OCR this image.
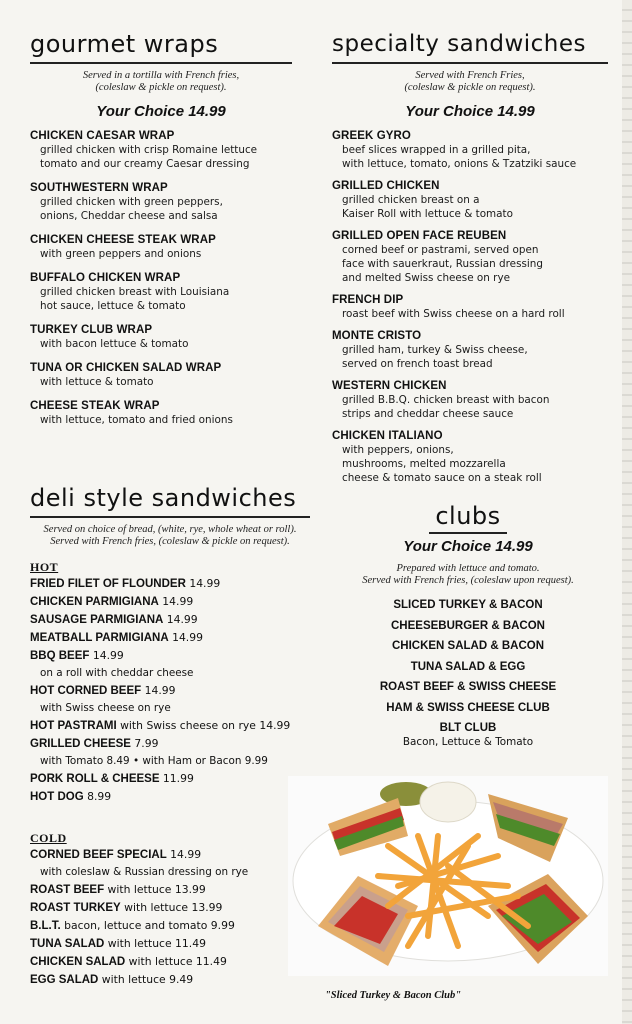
gourmet wraps
Served in a tortilla with French fries,
(coleslaw & pickle on request).
Your Choice 14.99
CHICKEN CAESAR WRAP
grilled chicken with crisp Romaine lettuce
tomato and our creamy Caesar dressing
SOUTHWESTERN WRAP
grilled chicken with green peppers,
onions, Cheddar cheese and salsa
CHICKEN CHEESE STEAK WRAP
with green peppers and onions
BUFFALO CHICKEN WRAP
grilled chicken breast with Louisiana
hot sauce, lettuce & tomato
TURKEY CLUB WRAP
with bacon lettuce & tomato
TUNA OR CHICKEN SALAD WRAP
with lettuce & tomato
CHEESE STEAK WRAP
with lettuce, tomato and fried onions
specialty sandwiches
Served with French Fries,
(coleslaw & pickle on request).
Your Choice 14.99
GREEK GYRO
beef slices wrapped in a grilled pita,
with lettuce, tomato, onions & Tzatziki sauce
GRILLED CHICKEN
grilled chicken breast on a
Kaiser Roll with lettuce & tomato
GRILLED OPEN FACE REUBEN
corned beef or pastrami, served open
face with sauerkraut, Russian dressing
and melted Swiss cheese on rye
FRENCH DIP
roast beef with Swiss cheese on a hard roll
MONTE CRISTO
grilled ham, turkey & Swiss cheese,
served on french toast bread
WESTERN CHICKEN
grilled B.B.Q. chicken breast with bacon
strips and cheddar cheese sauce
CHICKEN ITALIANO
with peppers, onions,
mushrooms, melted mozzarella
cheese & tomato sauce on a steak roll
deli style sandwiches
Served on choice of bread, (white, rye, whole wheat or roll).
Served with French fries, (coleslaw & pickle on request).
HOT
FRIED FILET OF FLOUNDER 14.99
CHICKEN PARMIGIANA 14.99
SAUSAGE PARMIGIANA 14.99
MEATBALL PARMIGIANA 14.99
BBQ BEEF 14.99
on a roll with cheddar cheese
HOT CORNED BEEF 14.99
with Swiss cheese on rye
HOT PASTRAMI with Swiss cheese on rye 14.99
GRILLED CHEESE 7.99
with Tomato 8.49 • with Ham or Bacon 9.99
PORK ROLL & CHEESE 11.99
HOT DOG 8.99
COLD
CORNED BEEF SPECIAL 14.99
with coleslaw & Russian dressing on rye
ROAST BEEF with lettuce 13.99
ROAST TURKEY with lettuce 13.99
B.L.T. bacon, lettuce and tomato 9.99
TUNA SALAD with lettuce 11.49
CHICKEN SALAD with lettuce 11.49
EGG SALAD with lettuce 9.49
clubs
Your Choice 14.99
Prepared with lettuce and tomato.
Served with French fries, (coleslaw upon request).
SLICED TURKEY & BACON
CHEESEBURGER & BACON
CHICKEN SALAD & BACON
TUNA SALAD & EGG
ROAST BEEF & SWISS CHEESE
HAM & SWISS CHEESE CLUB
BLT CLUB
Bacon, Lettuce & Tomato
"Sliced Turkey & Bacon Club"
